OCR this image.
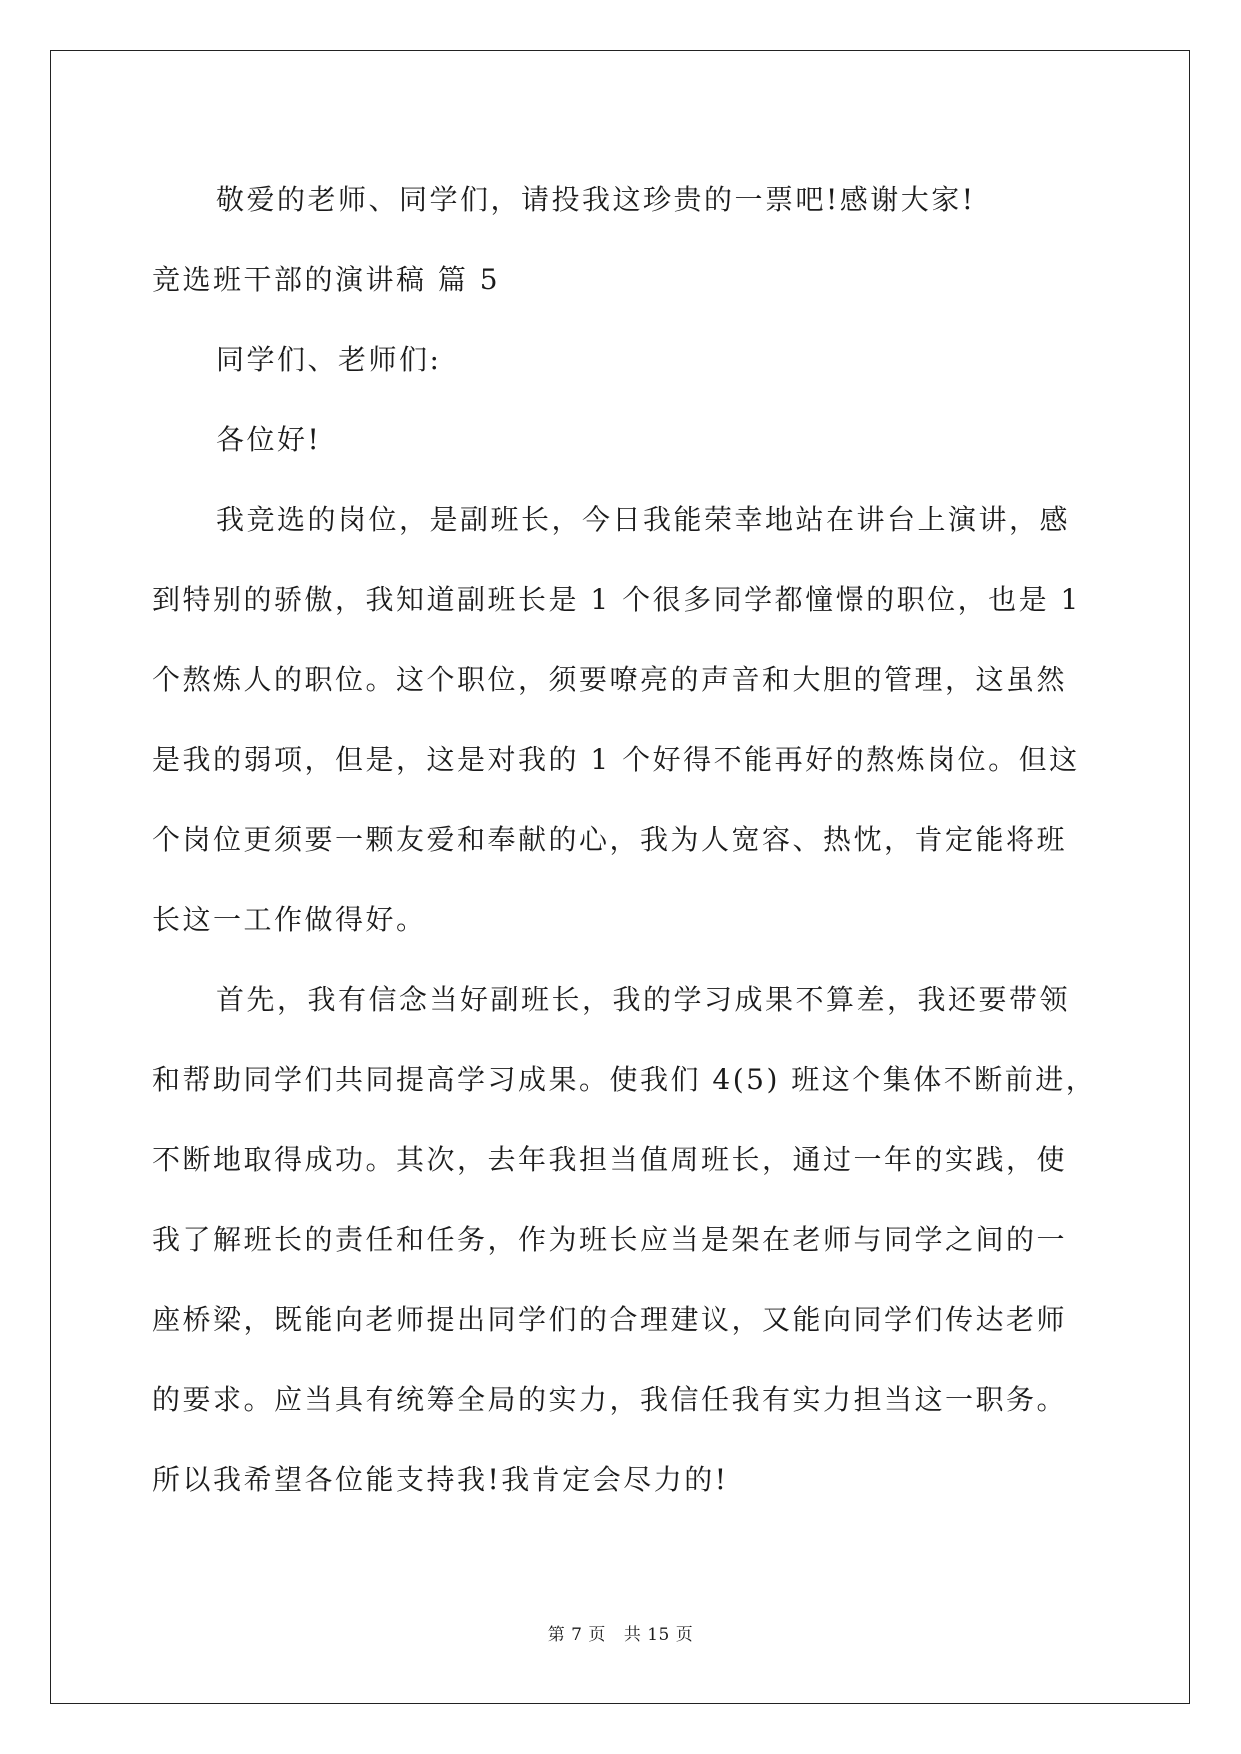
敬爱的老师、同学们，请投我这珍贵的一票吧!感谢大家!
竞选班干部的演讲稿 篇 5
同学们、老师们:
各位好!
我竞选的岗位，是副班长，今日我能荣幸地站在讲台上演讲，感
到特别的骄傲，我知道副班长是 1 个很多同学都憧憬的职位，也是 1
个熬炼人的职位。这个职位，须要嘹亮的声音和大胆的管理，这虽然
是我的弱项，但是，这是对我的 1 个好得不能再好的熬炼岗位。但这
个岗位更须要一颗友爱和奉献的心，我为人宽容、热忱，肯定能将班
长这一工作做得好。
首先，我有信念当好副班长，我的学习成果不算差，我还要带领
和帮助同学们共同提高学习成果。使我们 4(5) 班这个集体不断前进，
不断地取得成功。其次，去年我担当值周班长，通过一年的实践，使
我了解班长的责任和任务，作为班长应当是架在老师与同学之间的一
座桥梁，既能向老师提出同学们的合理建议，又能向同学们传达老师
的要求。应当具有统筹全局的实力，我信任我有实力担当这一职务。
所以我希望各位能支持我!我肯定会尽力的!
第 7 页 共 15 页
